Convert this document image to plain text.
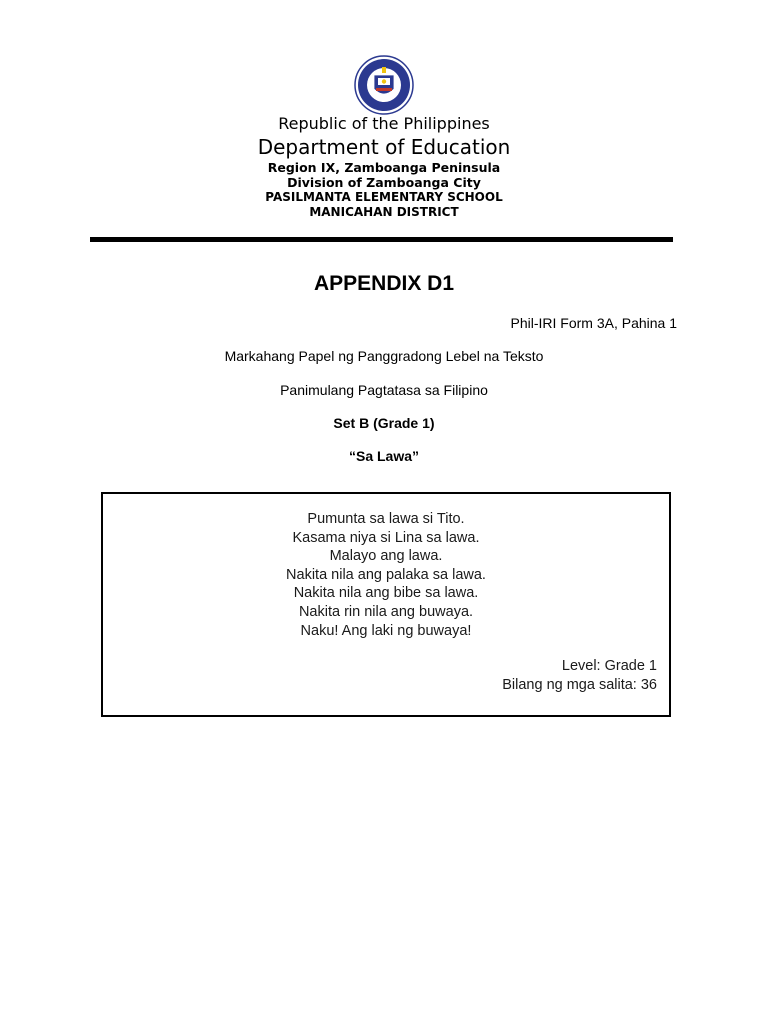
Republic of the Philippines
Department of Education
Region IX, Zamboanga Peninsula
Division of Zamboanga City
PASILMANTA ELEMENTARY SCHOOL
MANICAHAN DISTRICT
APPENDIX D1
Phil-IRI Form 3A, Pahina 1
Markahang Papel ng Panggradong Lebel na Teksto
Panimulang Pagtatasa sa Filipino
Set B (Grade 1)
“Sa Lawa”
Pumunta sa lawa si Tito.
Kasama niya si Lina sa lawa.
Malayo ang lawa.
Nakita nila ang palaka sa lawa.
Nakita nila ang bibe sa lawa.
Nakita rin nila ang buwaya.
Naku! Ang laki ng buwaya!
Level: Grade 1
Bilang ng mga salita: 36
